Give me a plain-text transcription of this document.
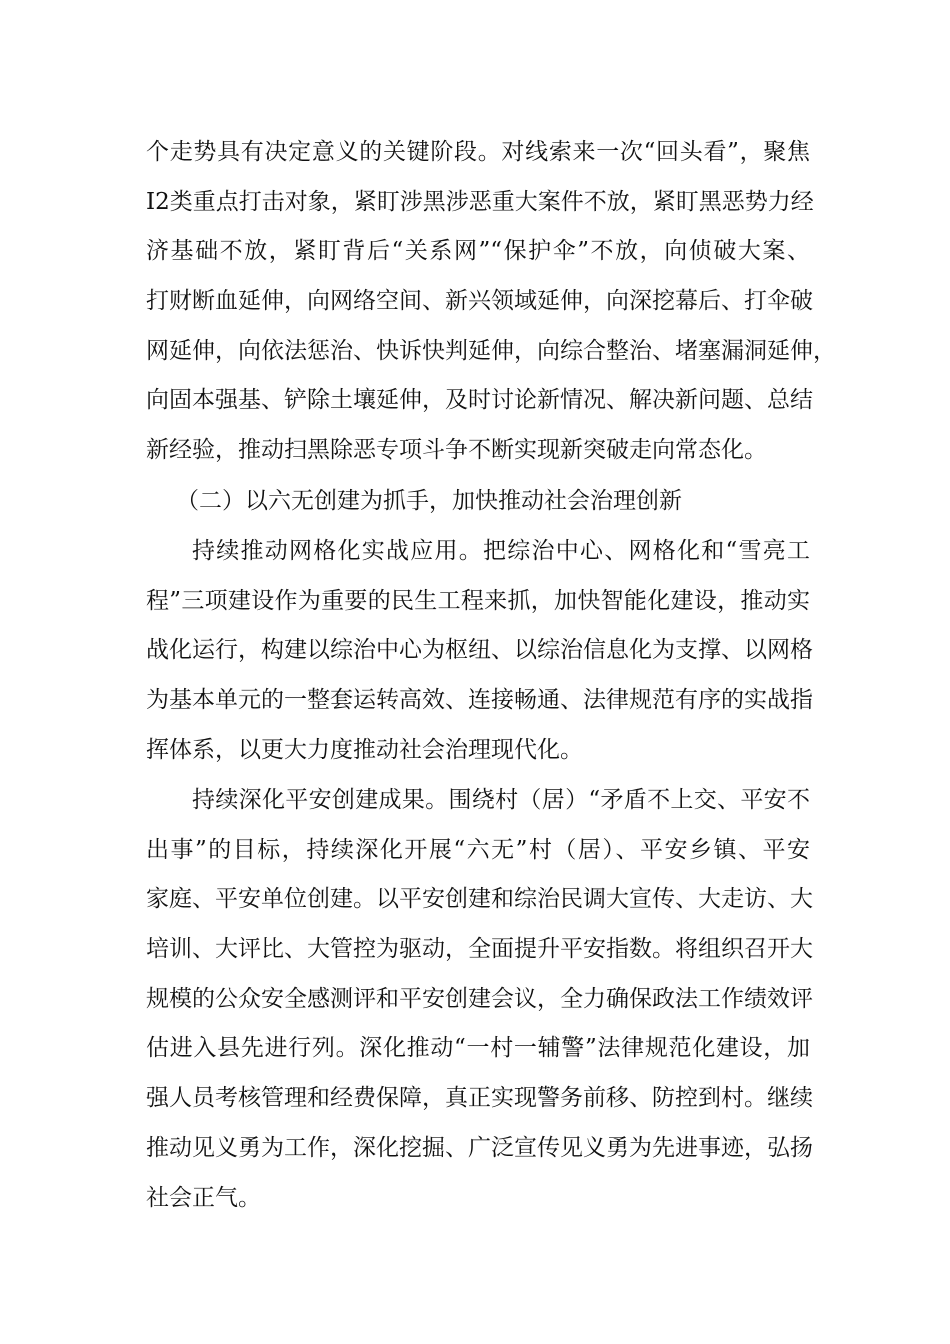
个走势具有决定意义的关键阶段。对线索来一次“回头看”，聚焦
I2类重点打击对象，紧盯涉黑涉恶重大案件不放，紧盯黑恶势力经
济基础不放，紧盯背后“关系网”“保护伞”不放，向侦破大案、
打财断血延伸，向网络空间、新兴领域延伸，向深挖幕后、打伞破
网延伸，向依法惩治、快诉快判延伸，向综合整治、堵塞漏洞延伸，
向固本强基、铲除土壤延伸，及时讨论新情况、解决新问题、总结
新经验，推动扫黑除恶专项斗争不断实现新突破走向常态化。
（二）以六无创建为抓手，加快推动社会治理创新
持续推动网格化实战应用。把综治中心、网格化和“雪亮工
程”三项建设作为重要的民生工程来抓，加快智能化建设，推动实
战化运行，构建以综治中心为枢纽、以综治信息化为支撑、以网格
为基本单元的一整套运转高效、连接畅通、法律规范有序的实战指
挥体系，以更大力度推动社会治理现代化。
持续深化平安创建成果。围绕村（居）“矛盾不上交、平安不
出事”的目标，持续深化开展“六无”村（居）、平安乡镇、平安
家庭、平安单位创建。以平安创建和综治民调大宣传、大走访、大
培训、大评比、大管控为驱动，全面提升平安指数。将组织召开大
规模的公众安全感测评和平安创建会议，全力确保政法工作绩效评
估进入县先进行列。深化推动“一村一辅警”法律规范化建设，加
强人员考核管理和经费保障，真正实现警务前移、防控到村。继续
推动见义勇为工作，深化挖掘、广泛宣传见义勇为先进事迹，弘扬
社会正气。
